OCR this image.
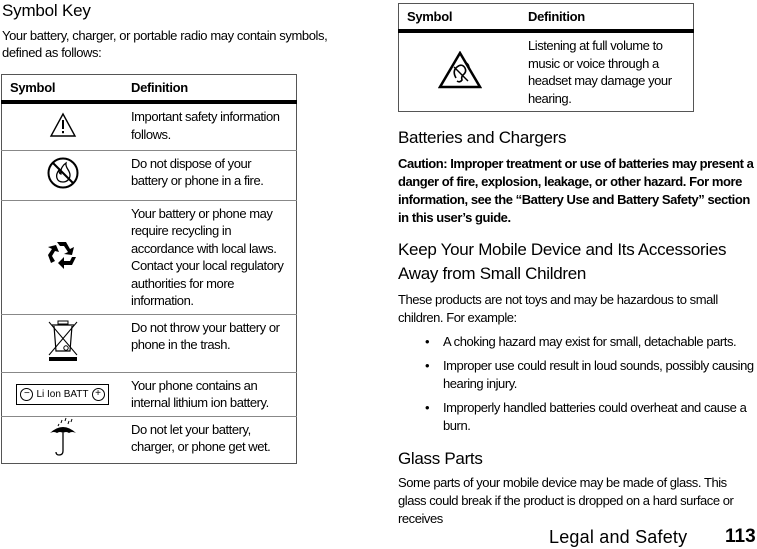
Symbol Key
Your battery, charger, or portable radio may contain symbols, defined as follows:
Symbol	Definition
	Important safety information follows.
	Do not dispose of your battery or phone in a fire.
	Your battery or phone may require recycling in accordance with local laws. Contact your local regulatory authorities for more information.
	Do not throw your battery or phone in the trash.

− Li Ion BATT +	Your phone contains an internal lithium ion battery.
	Do not let your battery, charger, or phone get wet.
Symbol	Definition
	Listening at full volume to music or voice through a headset may damage your hearing.
Batteries and Chargers
Caution: Improper treatment or use of batteries may present a danger of fire, explosion, leakage, or other hazard. For more information, see the “Battery Use and Battery Safety” section in this user’s guide.
Keep Your Mobile Device and Its Accessories Away from Small Children
These products are not toys and may be hazardous to small children. For example:
• A choking hazard may exist for small, detachable parts.
• Improper use could result in loud sounds, possibly causing hearing injury.
• Improperly handled batteries could overheat and cause a burn.
Glass Parts
Some parts of your mobile device may be made of glass. This glass could break if the product is dropped on a hard surface or receives
Legal and Safety 113
